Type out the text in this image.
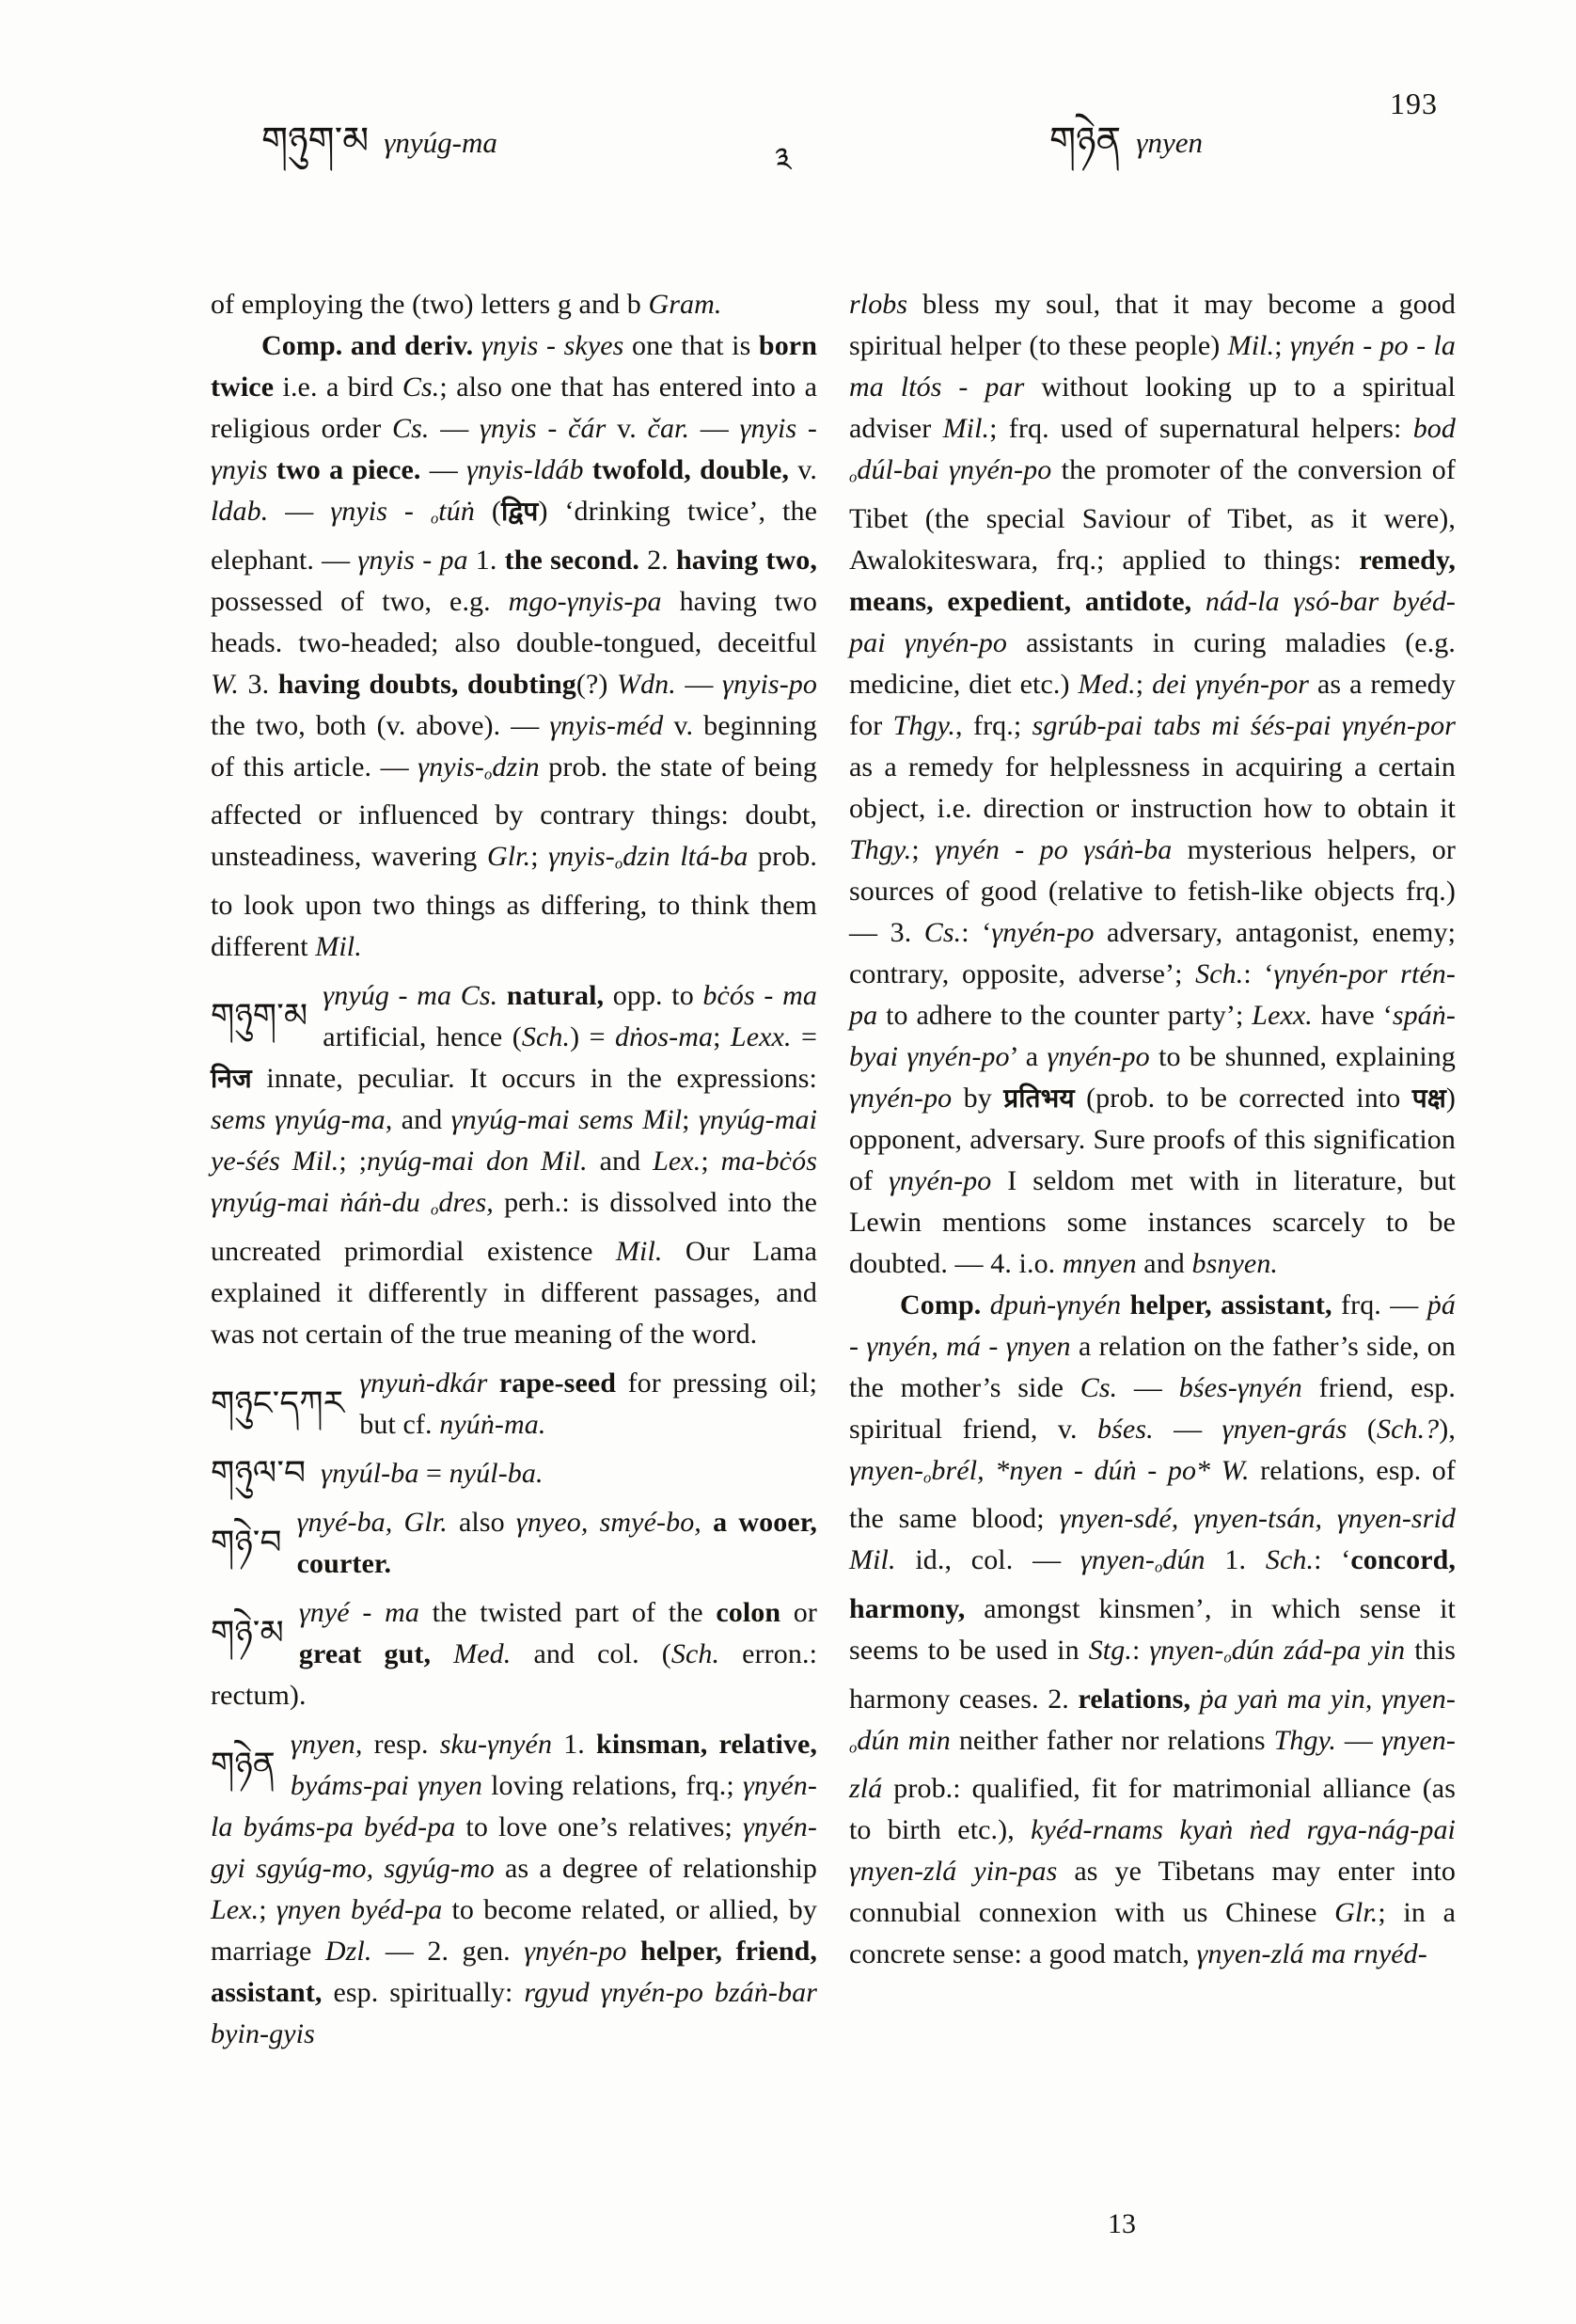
193
གཉུག་མ γnyúg-ma	༣	གཉེན γnyen

of employing the (two) letters g and b Gram.

Comp. and deriv. γnyis - skyes one that is born twice i.e. a bird Cs.; also one that has entered into a religious order Cs. — γnyis - čár v. čar. — γnyis - γnyis two a piece. — γnyis-ldáb twofold, double, v. ldab. — γnyis - otúṅ (द्विप) ‘drinking twice’, the elephant. — γnyis - pa 1. the second. 2. having two, possessed of two, e.g. mgo-γnyis-pa having two heads. two-headed; also double-tongued, deceitful W. 3. having doubts, doubting(?) Wdn. — γnyis-po the two, both (v. above). — γnyis-méd v. beginning of this article. — γnyis-odzin prob. the state of being affected or influenced by contrary things: doubt, unsteadiness, wavering Glr.; γnyis-odzin ltá-ba prob. to look upon two things as differing, to think them different Mil.

གཉུག་མ
γnyúg - ma Cs. natural, opp. to bċós - ma artificial, hence (Sch.) = dṅos-ma; Lexx. = निज innate, peculiar. It occurs in the expressions: sems γnyúg-ma, and γnyúg-mai sems Mil; γnyúg-mai ye-śés Mil.; ;nyúg-mai don Mil. and Lex.; ma-bċós γnyúg-mai ṅáṅ-du odres, perh.: is dissolved into the uncreated primordial existence Mil. Our Lama explained it differently in different passages, and was not certain of the true meaning of the word.

གཉུང་དཀར
γnyuṅ-dkár rape-seed for pressing oil; but cf. nyúṅ-ma.

གཉུལ་བ γnyúl-ba = nyúl-ba.

གཉེ་བ
γnyé-ba, Glr. also γnyeo, smyé-bo, a wooer, courter.

གཉེ་མ
γnyé - ma the twisted part of the colon or great gut, Med. and col. (Sch. erron.: rectum).

གཉེན
γnyen, resp. sku-γnyén 1. kinsman, relative, byáms-pai γnyen loving relations, frq.; γnyén-la byáms-pa byéd-pa to love one’s relatives; γnyén-gyi sgyúg-mo, sgyúg-mo as a degree of relationship Lex.; γnyen byéd-pa to become related, or allied, by marriage Dzl. — 2. gen. γnyén-po helper, friend, assistant, esp. spiritually: rgyud γnyén-po bzáṅ-bar byin-gyis

rlobs bless my soul, that it may become a good spiritual helper (to these people) Mil.; γnyén - po - la ma ltós - par without looking up to a spiritual adviser Mil.; frq. used of supernatural helpers: bod odúl-bai γnyén-po the promoter of the conversion of Tibet (the special Saviour of Tibet, as it were), Awalokiteswara, frq.; applied to things: remedy, means, expedient, antidote, nád-la γsó-bar byéd-pai γnyén-po assistants in curing maladies (e.g. medicine, diet etc.) Med.; dei γnyén-por as a remedy for Thgy., frq.; sgrúb-pai tabs mi śés-pai γnyén-por as a remedy for helplessness in acquiring a certain object, i.e. direction or instruction how to obtain it Thgy.; γnyén - po γsáṅ-ba mysterious helpers, or sources of good (relative to fetish-like objects frq.) — 3. Cs.: ‘γnyén-po adversary, antagonist, enemy; contrary, opposite, adverse’; Sch.: ‘γnyén-por rtén-pa to adhere to the counter party’; Lexx. have ‘spáṅ-byai γnyén-po’ a γnyén-po to be shunned, explaining γnyén-po by प्रतिभय (prob. to be corrected into पक्ष) opponent, adversary. Sure proofs of this signification of γnyén-po I seldom met with in literature, but Lewin mentions some instances scarcely to be doubted. — 4. i.o. mnyen and bsnyen.

Comp. dpuṅ-γnyén helper, assistant, frq. — ṗá - γnyén, má - γnyen a relation on the father’s side, on the mother’s side Cs. — bśes-γnyén friend, esp. spiritual friend, v. bśes. — γnyen-grás (Sch.?), γnyen-obrél, *nyen - dúṅ - po* W. relations, esp. of the same blood; γnyen-sdé, γnyen-tsán, γnyen-srid Mil. id., col. — γnyen-odún 1. Sch.: ‘concord, harmony, amongst kinsmen’, in which sense it seems to be used in Stg.: γnyen-odún zád-pa yin this harmony ceases. 2. relations, ṗa yaṅ ma yin, γnyen-odún min neither father nor relations Thgy. — γnyen-zlá prob.: qualified, fit for matrimonial alliance (as to birth etc.), kyéd-rnams kyaṅ ṅed rgya-nág-pai γnyen-zlá yin-pas as ye Tibetans may enter into connubial connexion with us Chinese Glr.; in a concrete sense: a good match, γnyen-zlá ma rnyéd-

13
